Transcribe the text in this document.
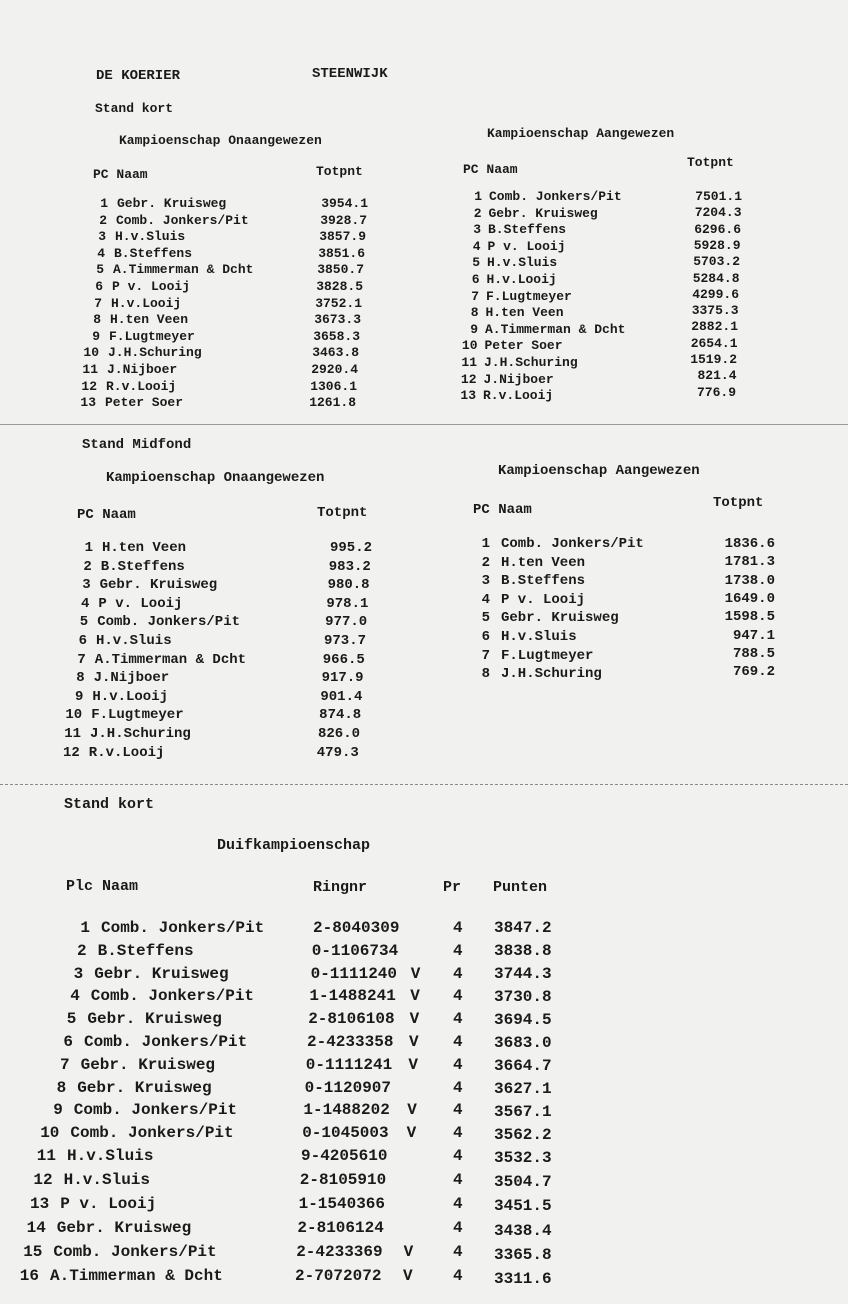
DE KOERIER	STEENWIJK
Stand kort
Kampioenschap Onaangewezen	Kampioenschap Aangewezen
PC Naam	Totpnt	PC Naam	Totpnt
1 Gebr. Kruisweg	3954.1
2 Comb. Jonkers/Pit	3928.7
3 H.v.Sluis	3857.9
4 B.Steffens	3851.6
5 A.Timmerman & Dcht	3850.7
6 P v. Looij	3828.5
7 H.v.Looij	3752.1
8 H.ten Veen	3673.3
9 F.Lugtmeyer	3658.3
10 J.H.Schuring	3463.8
11 J.Nijboer	2920.4
12 R.v.Looij	1306.1
13 Peter Soer	1261.8
1 Comb. Jonkers/Pit	7501.1
2 Gebr. Kruisweg	7204.3
3 B.Steffens	6296.6
4 P v. Looij	5928.9
5 H.v.Sluis	5703.2
6 H.v.Looij	5284.8
7 F.Lugtmeyer	4299.6
8 H.ten Veen	3375.3
9 A.Timmerman & Dcht	2882.1
10 Peter Soer	2654.1
11 J.H.Schuring	1519.2
12 J.Nijboer	821.4
13 R.v.Looij	776.9
Stand Midfond
Kampioenschap Onaangewezen	Kampioenschap Aangewezen
PC Naam	Totpnt	PC Naam	Totpnt
1 H.ten Veen	995.2
2 B.Steffens	983.2
3 Gebr. Kruisweg	980.8
4 P v. Looij	978.1
5 Comb. Jonkers/Pit	977.0
6 H.v.Sluis	973.7
7 A.Timmerman & Dcht	966.5
8 J.Nijboer	917.9
9 H.v.Looij	901.4
10 F.Lugtmeyer	874.8
11 J.H.Schuring	826.0
12 R.v.Looij	479.3
1 Comb. Jonkers/Pit	1836.6
2 H.ten Veen	1781.3
3 B.Steffens	1738.0
4 P v. Looij	1649.0
5 Gebr. Kruisweg	1598.5
6 H.v.Sluis	947.1
7 F.Lugtmeyer	788.5
8 J.H.Schuring	769.2
Stand kort
Duifkampioenschap
Plc Naam	Ringnr	Pr Punten
1 Comb. Jonkers/Pit	2-8040309	4 3847.2
2 B.Steffens	0-1106734	4 3838.8
3 Gebr. Kruisweg	0-1111240 V 4 3744.3
4 Comb. Jonkers/Pit	1-1488241 V 4 3730.8
5 Gebr. Kruisweg	2-8106108 V 4 3694.5
6 Comb. Jonkers/Pit	2-4233358 V 4 3683.0
7 Gebr. Kruisweg	0-1111241 V 4 3664.7
8 Gebr. Kruisweg	0-1120907	4 3627.1
9 Comb. Jonkers/Pit	1-1488202 V 4 3567.1
10 Comb. Jonkers/Pit	0-1045003 V 4 3562.2
11 H.v.Sluis	9-4205610	4 3532.3
12 H.v.Sluis	2-8105910	4 3504.7
13 P v. Looij	1-1540366	4 3451.5
14 Gebr. Kruisweg	2-8106124	4 3438.4
15 Comb. Jonkers/Pit	2-4233369 V 4 3365.8
16 A.Timmerman & Dcht	2-7072072 V	4 3311.6
